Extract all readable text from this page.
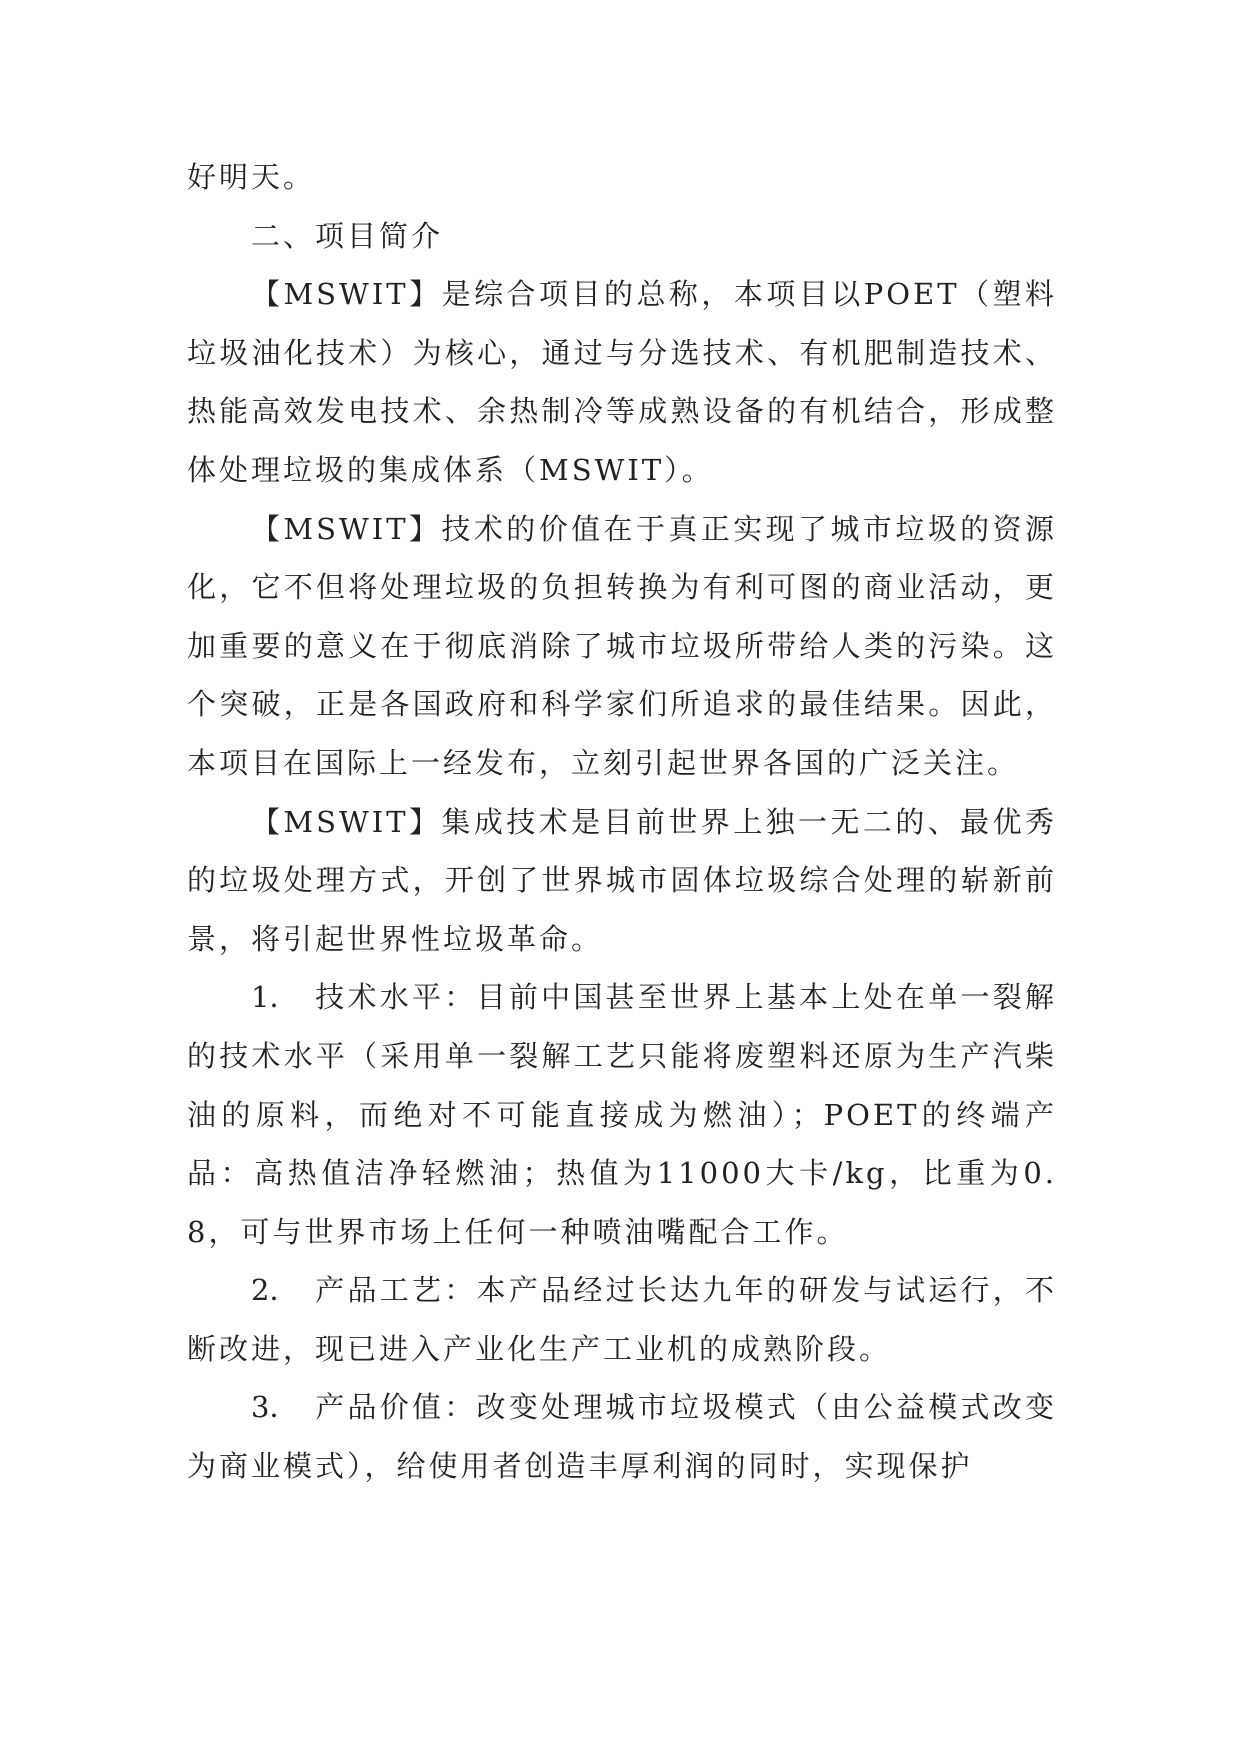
好明天。

二、项目简介

【MSWIT】是综合项目的总称，本项目以POET（塑料垃圾油化技术）为核心，通过与分选技术、有机肥制造技术、热能高效发电技术、余热制冷等成熟设备的有机结合，形成整体处理垃圾的集成体系（MSWIT）。

【MSWIT】技术的价值在于真正实现了城市垃圾的资源化，它不但将处理垃圾的负担转换为有利可图的商业活动，更加重要的意义在于彻底消除了城市垃圾所带给人类的污染。这个突破，正是各国政府和科学家们所追求的最佳结果。因此，本项目在国际上一经发布，立刻引起世界各国的广泛关注。

【MSWIT】集成技术是目前世界上独一无二的、最优秀的垃圾处理方式，开创了世界城市固体垃圾综合处理的崭新前景，将引起世界性垃圾革命。

1． 技术水平：目前中国甚至世界上基本上处在单一裂解的技术水平（采用单一裂解工艺只能将废塑料还原为生产汽柴油的原料，而绝对不可能直接成为燃油）；POET的终端产品：高热值洁净轻燃油；热值为11000大卡/kg，比重为0.8，可与世界市场上任何一种喷油嘴配合工作。

2． 产品工艺：本产品经过长达九年的研发与试运行，不断改进，现已进入产业化生产工业机的成熟阶段。

3． 产品价值：改变处理城市垃圾模式（由公益模式改变为商业模式），给使用者创造丰厚利润的同时，实现保护
